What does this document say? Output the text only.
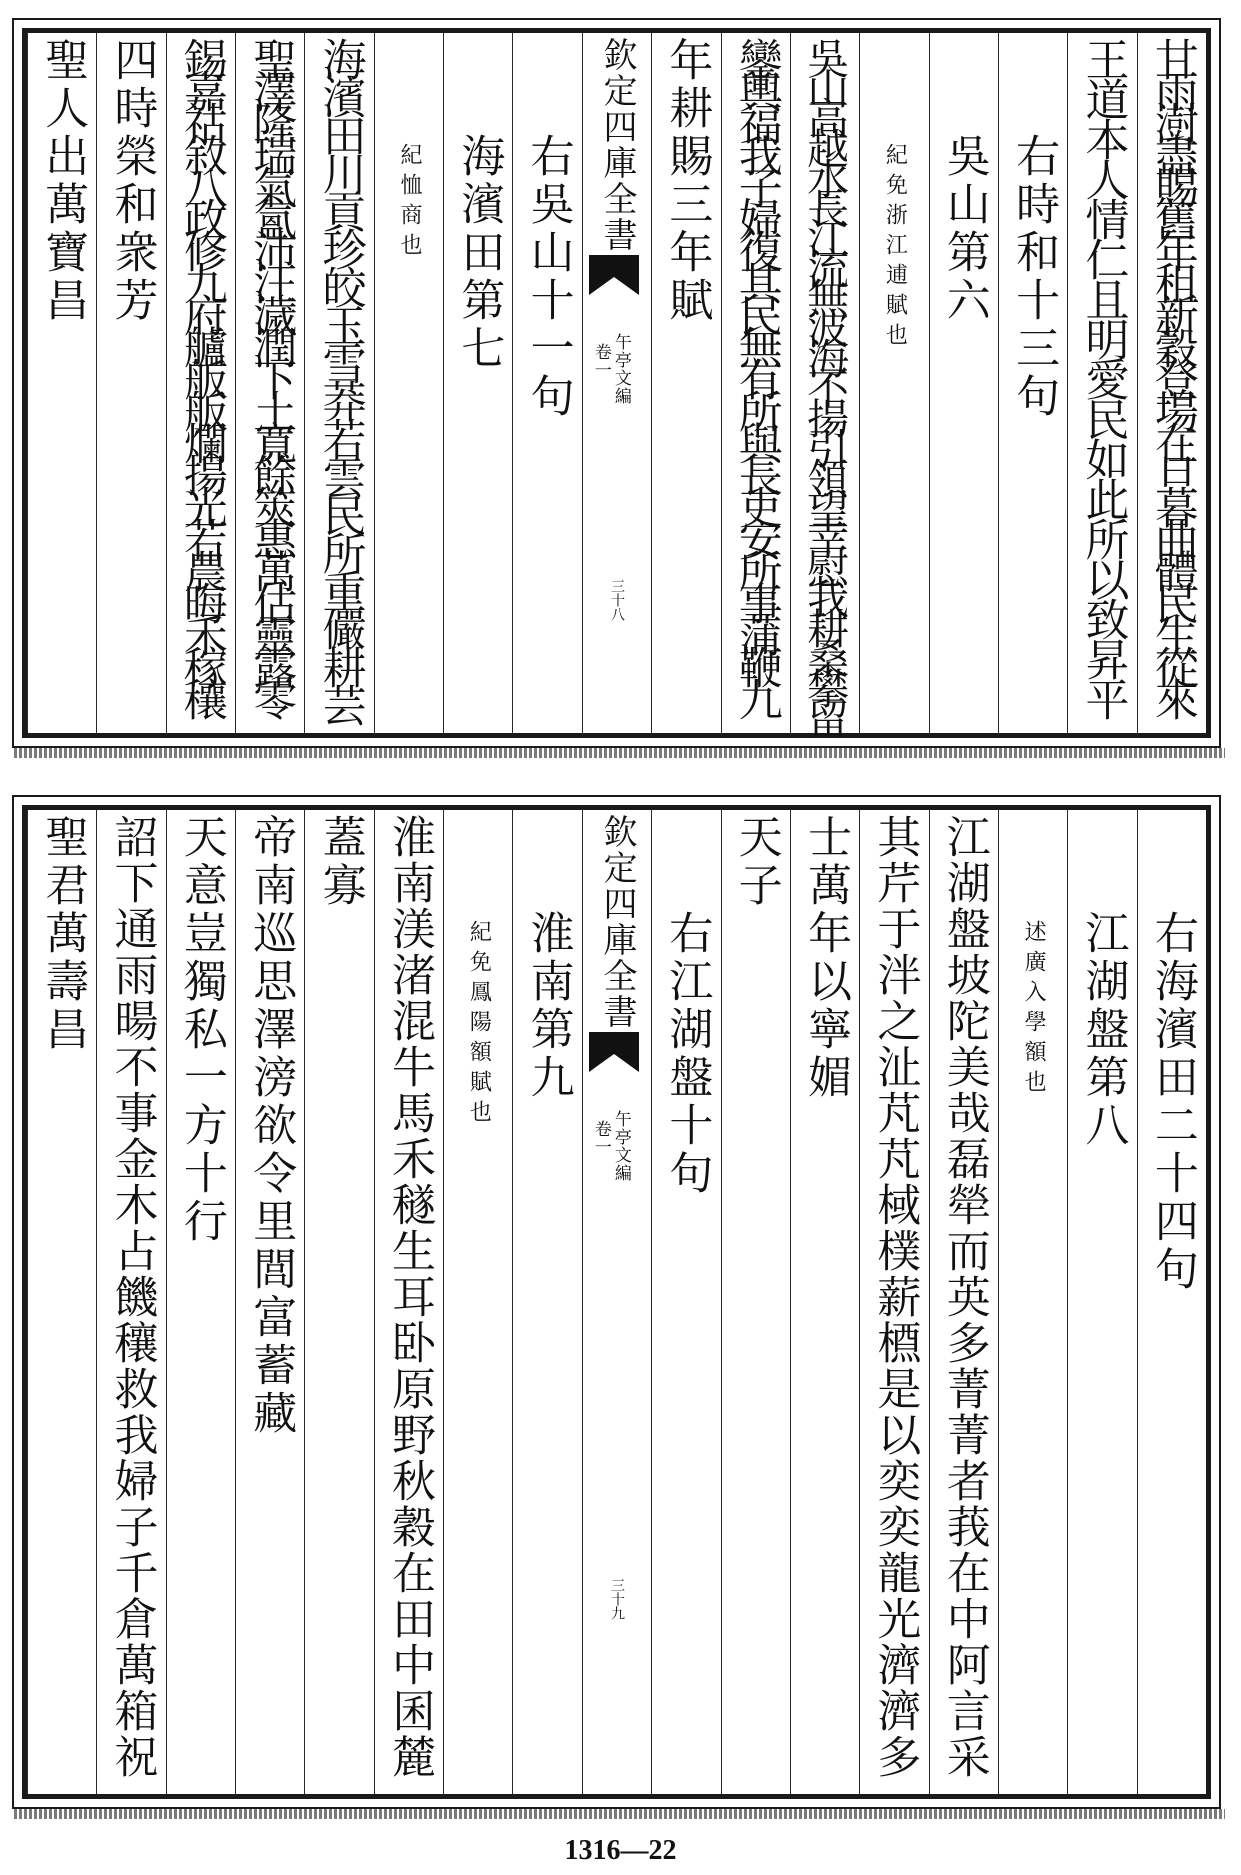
甘雨澍盡賜舊年租新穀登場在旦暮曲體民生從來
王道本人情仁且明愛民如此所以致昇平
右時和十三句
吳山第六
紀免浙江逋賦也
吳山高越水長江流無波海不揚引領望幸慰我耕桑攀留
鑾輿福我子婦復其民無有所與長吏安所事蒲鞭九
年耕賜三年賦
欽定四庫全書
午亭文編
卷一
三十八
右吳山十一句
海濱田第七
紀恤商也
海濱田川貢珍皎玉雪莽若雲民所重儼耕芸
聖澤隆瑞氣氳沛汪濊潤下土寬餘筴惠萬估靈露零
錫嘉祜敘八政修九府艫舨舨爛揚光若農晦禾稼穰
四時榮和衆芳
聖人出萬寶昌
右海濱田二十四句
江湖盤第八
述廣入學額也
江湖盤坡陀美哉磊犖而英多菁菁者莪在中阿言采
其芹于泮之沚芃芃棫樸薪槱是以奕奕龍光濟濟多
士萬年以寧媚
天子
右江湖盤十句
欽定四庫全書
午亭文編
卷一
三十九
淮南第九
紀免鳳陽額賦也
淮南渼渚混牛馬禾穟生耳卧原野秋穀在田中囷麓
蓋寡
帝南巡思澤滂欲令里閭富蓄藏
天意豈獨私一方十行
詔下通雨暘不事金木占饑穰救我婦子千倉萬箱祝
聖君萬壽昌
1316—22
